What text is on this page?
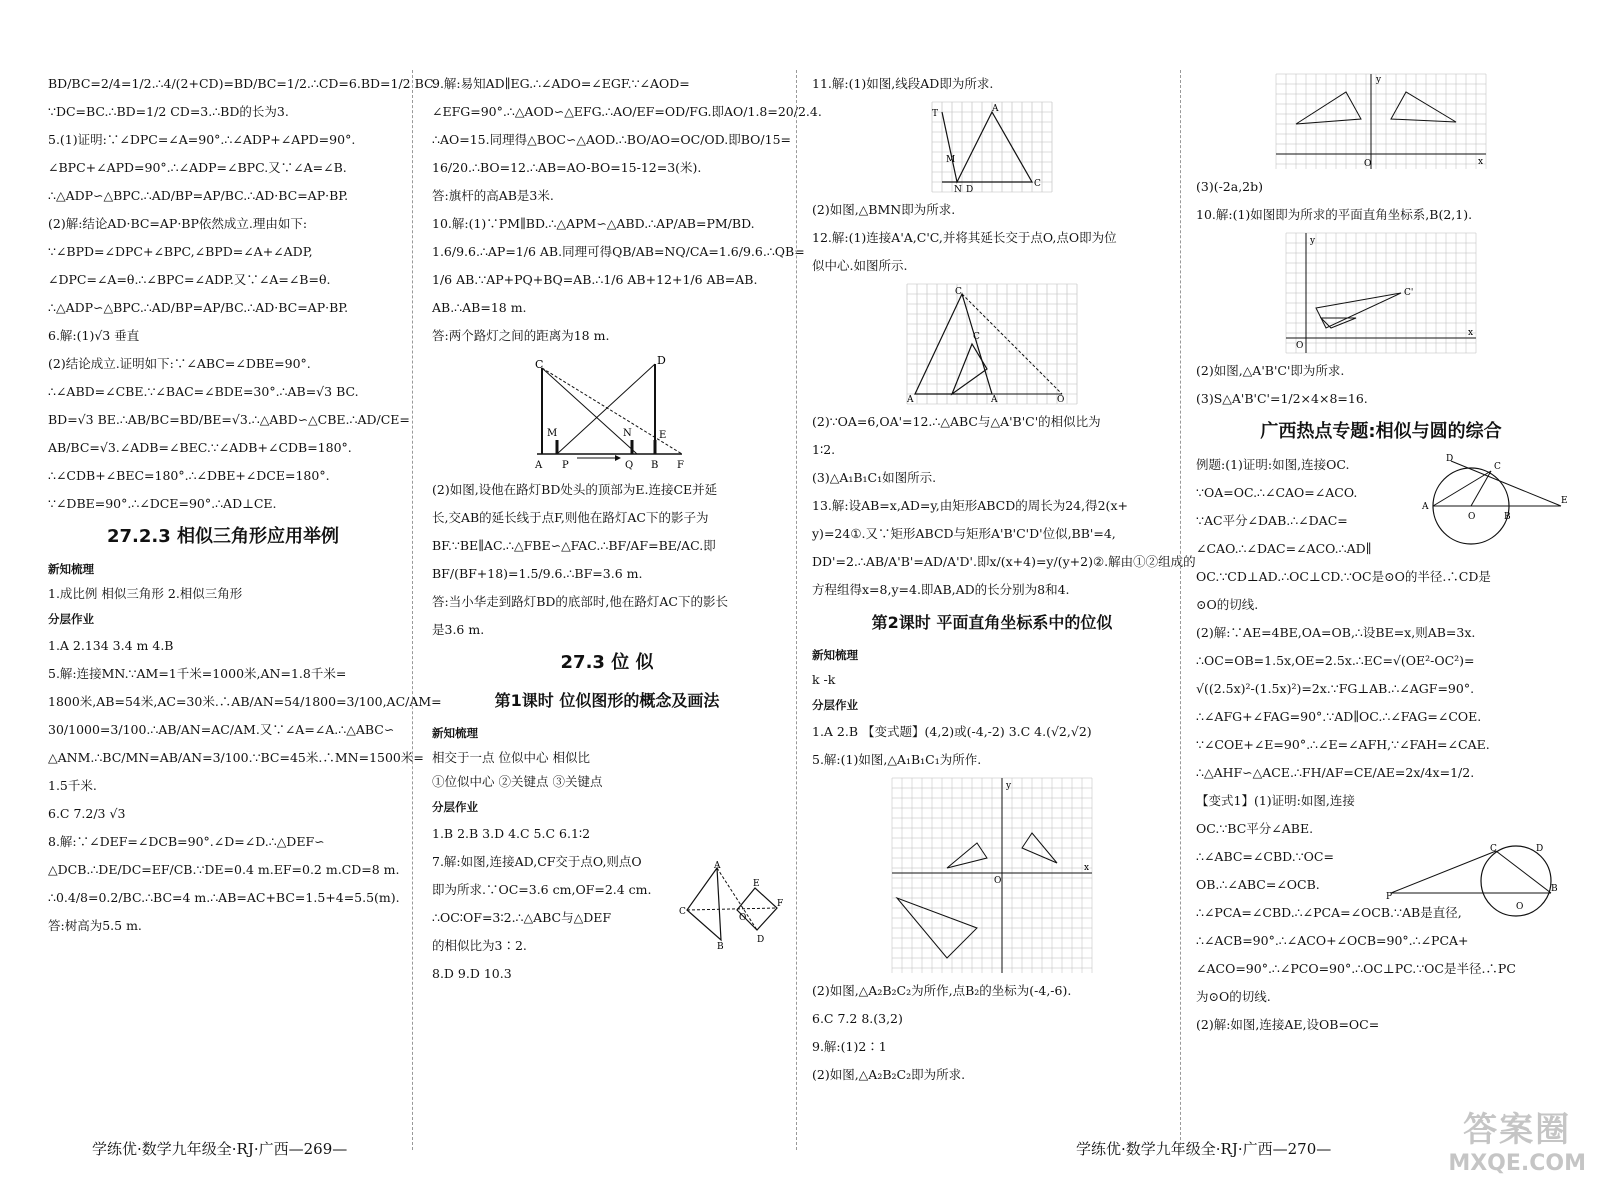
BD/BC=2/4=1/2.∴4/(2+CD)=BD/BC=1/2.∴CD=6.BD=1/2 BC.
∵DC=BC.∴BD=1/2 CD=3.∴BD的长为3.
5.(1)证明:∵∠DPC=∠A=90°.∴∠ADP+∠APD=90°.
∠BPC+∠APD=90°.∴∠ADP=∠BPC.又∵∠A=∠B.
∴△ADP∽△BPC.∴AD/BP=AP/BC.∴AD·BC=AP·BP.
(2)解:结论AD·BC=AP·BP依然成立.理由如下:
∵∠BPD=∠DPC+∠BPC,∠BPD=∠A+∠ADP,
∠DPC=∠A=θ.∴∠BPC=∠ADP.又∵∠A=∠B=θ.
∴△ADP∽△BPC.∴AD/BP=AP/BC.∴AD·BC=AP·BP.
6.解:(1)√3 垂直
(2)结论成立.证明如下:∵∠ABC=∠DBE=90°.
∴∠ABD=∠CBE.∵∠BAC=∠BDE=30°.∴AB=√3 BC.
BD=√3 BE.∴AB/BC=BD/BE=√3.∴△ABD∽△CBE.∴AD/CE=
AB/BC=√3.∠ADB=∠BEC.∵∠ADB+∠CDB=180°.
∴∠CDB+∠BEC=180°.∴∠DBE+∠DCE=180°.
∵∠DBE=90°.∴∠DCE=90°.∴AD⊥CE.
27.2.3 相似三角形应用举例
新知梳理
1.成比例 相似三角形 2.相似三角形
分层作业
1.A 2.134 3.4 m 4.B
5.解:连接MN.∵AM=1千米=1000米,AN=1.8千米=
1800米,AB=54米,AC=30米.∴AB/AN=54/1800=3/100,AC/AM=
30/1000=3/100.∴AB/AN=AC/AM.又∵∠A=∠A.∴△ABC∽
△ANM.∴BC/MN=AB/AN=3/100.∵BC=45米.∴MN=1500米=
1.5千米.
6.C 7.2/3 √3
8.解:∵∠DEF=∠DCB=90°.∠D=∠D.∴△DEF∽
△DCB.∴DE/DC=EF/CB.∵DE=0.4 m.EF=0.2 m.CD=8 m.
∴0.4/8=0.2/BC.∴BC=4 m.∴AB=AC+BC=1.5+4=5.5(m).
答:树高为5.5 m.
9.解:易知AD∥EG.∴∠ADO=∠EGF.∵∠AOD=
∠EFG=90°.∴△AOD∽△EFG.∴AO/EF=OD/FG.即AO/1.8=20/2.4.
∴AO=15.同理得△BOC∽△AOD.∴BO/AO=OC/OD.即BO/15=
16/20.∴BO=12.∴AB=AO-BO=15-12=3(米).
答:旗杆的高AB是3米.
10.解:(1)∵PM∥BD.∴△APM∽△ABD.∴AP/AB=PM/BD.
1.6/9.6.∴AP=1/6 AB.同理可得QB/AB=NQ/CA=1.6/9.6.∴QB=
1/6 AB.∵AP+PQ+BQ=AB.∴1/6 AB+12+1/6 AB=AB.
AB.∴AB=18 m.
答:两个路灯之间的距离为18 m.
C	D
M	N	E
A P	Q B F
(2)如图,设他在路灯BD处头的顶部为E.连接CE并延
长,交AB的延长线于点F,则他在路灯AC下的影子为
BF.∵BE∥AC.∴△FBE∽△FAC.∴BF/AF=BE/AC.即
BF/(BF+18)=1.5/9.6.∴BF=3.6 m.
答:当小华走到路灯BD的底部时,他在路灯AC下的影长
是3.6 m.
27.3 位 似
第1课时 位似图形的概念及画法
新知梳理
相交于一点 位似中心 相似比
①位似中心 ②关键点 ③关键点
分层作业
1.B 2.B 3.D 4.C 5.C 6.1∶2
7.解:如图,连接AD,CF交于点O,则点O
即为所求.∵OC=3.6 cm,OF=2.4 cm.
∴OC∶OF=3∶2.∴△ABC与△DEF
的相似比为3∶2.
8.D 9.D 10.3
A
C
B
E
O
D
F
11.解:(1)如图,线段AD即为所求.
T	A
C
M
N D
(2)如图,△BMN即为所求.
12.解:(1)连接A'A,C'C,并将其延长交于点O,点O即为位
似中心.如图所示.
C
A	O
C
A
(2)∵OA=6,OA'=12.∴△ABC与△A'B'C'的相似比为
1∶2.
(3)△A₁B₁C₁如图所示.
13.解:设AB=x,AD=y,由矩形ABCD的周长为24,得2(x+
y)=24①.又∵矩形ABCD与矩形A'B'C'D'位似,BB'=4,
DD'=2.∴AB/A'B'=AD/A'D'.即x/(x+4)=y/(y+2)②.解由①②组成的
方程组得x=8,y=4.即AB,AD的长分别为8和4.
第2课时 平面直角坐标系中的位似
新知梳理
k -k
分层作业
1.A 2.B 【变式题】(4,2)或(-4,-2) 3.C 4.(√2,√2)
5.解:(1)如图,△A₁B₁C₁为所作.
y
x
O
(2)如图,△A₂B₂C₂为所作,点B₂的坐标为(-4,-6).
6.C 7.2 8.(3,2)
9.解:(1)2∶1
(2)如图,△A₂B₂C₂即为所求.
y
x
O
(3)(-2a,2b)
10.解:(1)如图即为所求的平面直角坐标系,B(2,1).
y
x
O
C'
(2)如图,△A'B'C'即为所求.
(3)S△A'B'C'=1/2×4×8=16.
广西热点专题:相似与圆的综合
A
C
D
E
O	B
例题:(1)证明:如图,连接OC.
∵OA=OC.∴∠CAO=∠ACO.
∵AC平分∠DAB.∴∠DAC=
∠CAO.∴∠DAC=∠ACO.∴AD∥
OC.∵CD⊥AD.∴OC⊥CD.∵OC是⊙O的半径.∴CD是
⊙O的切线.
(2)解:∵AE=4BE,OA=OB,∴设BE=x,则AB=3x.
∴OC=OB=1.5x,OE=2.5x.∴EC=√(OE²-OC²)=
√((2.5x)²-(1.5x)²)=2x.∵FG⊥AB.∴∠AGF=90°.
∴∠AFG+∠FAG=90°.∵AD∥OC.∴∠FAG=∠COE.
∵∠COE+∠E=90°.∴∠E=∠AFH,∵∠FAH=∠CAE.
∴△AHF∽△ACE.∴FH/AF=CE/AE=2x/4x=1/2.
【变式1】(1)证明:如图,连接
OC.∵BC平分∠ABE.
∴∠ABC=∠CBD.∵OC=
OB.∴∠ABC=∠OCB.
∴∠PCA=∠CBD.∴∠PCA=∠OCB.∵AB是直径,
∴∠ACB=90°.∴∠ACO+∠OCB=90°.∴∠PCA+
∠ACO=90°.∴∠PCO=90°.∴OC⊥PC.∵OC是半径.∴PC
为⊙O的切线.
(2)解:如图,连接AE,设OB=OC=
P
C
B
O
D
学练优·数学九年级全·RJ·广西—269—	学练优·数学九年级全·RJ·广西—270—	答案圈
MXQE.COM
